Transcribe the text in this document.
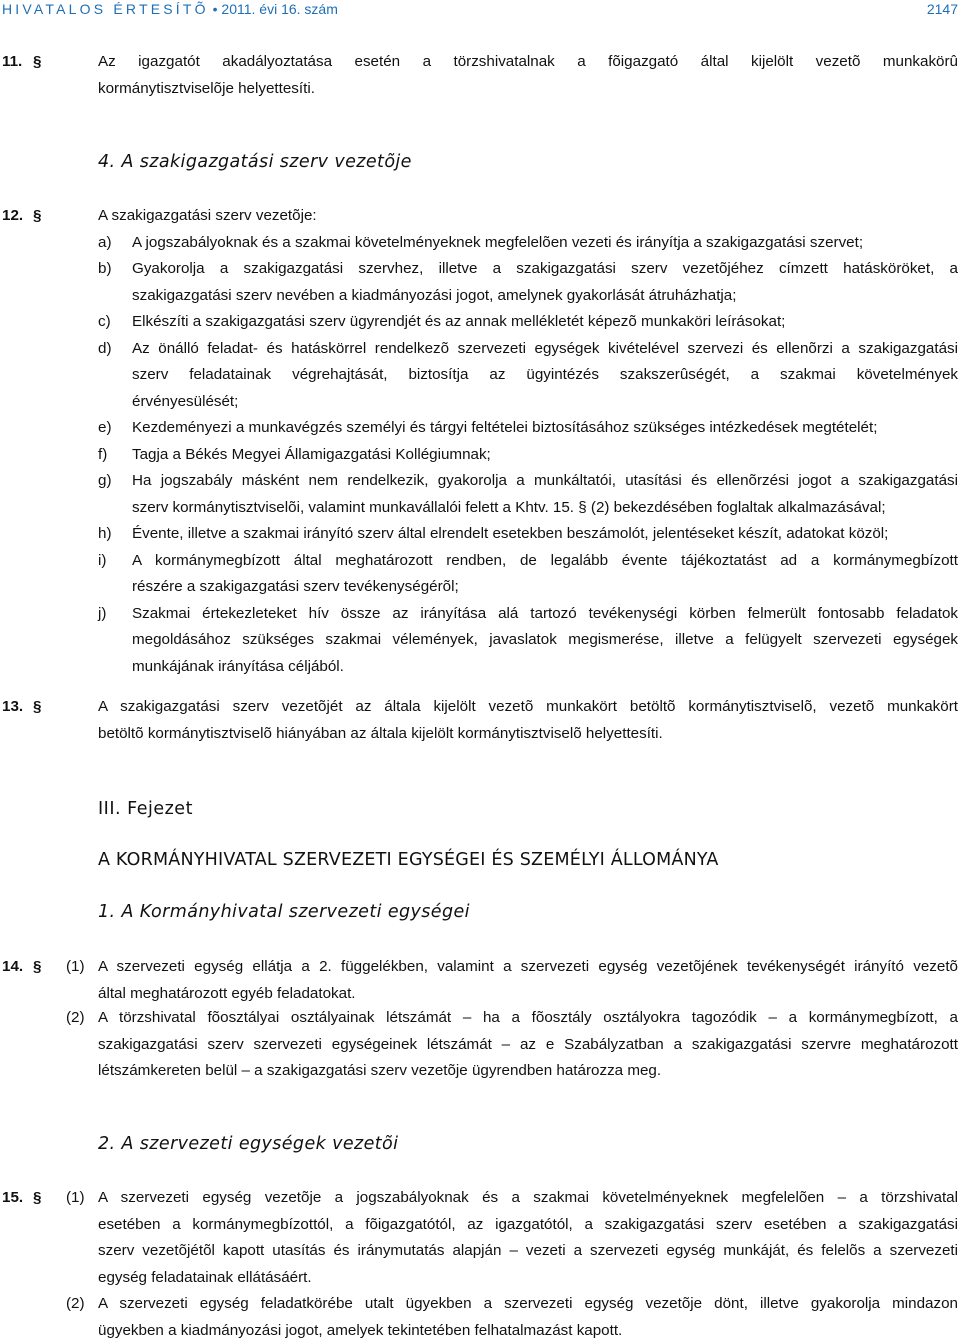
HIVATALOS ÉRTESÍTÕ • 2011. évi 16. szám	2147
11. §	Az igazgatót akadályoztatása esetén a törzshivatalnak a fõigazgató által kijelölt vezetõ munkakörû
kormánytisztviselõje helyettesíti.
4. A szakigazgatási szerv vezetõje
12. §	A szakigazgatási szerv vezetõje:
a)	A jogszabályoknak és a szakmai követelményeknek megfelelõen vezeti és irányítja a szakigazgatási szervet;
b)	Gyakorolja a szakigazgatási szervhez, illetve a szakigazgatási szerv vezetõjéhez címzett hatásköröket, a
szakigazgatási szerv nevében a kiadmányozási jogot, amelynek gyakorlását átruházhatja;
c)	Elkészíti a szakigazgatási szerv ügyrendjét és az annak mellékletét képezõ munkaköri leírásokat;
d)	Az önálló feladat- és hatáskörrel rendelkezõ szervezeti egységek kivételével szervezi és ellenõrzi a szakigazgatási
szerv feladatainak végrehajtását, biztosítja az ügyintézés szakszerûségét, a szakmai követelmények
érvényesülését;
e)	Kezdeményezi a munkavégzés személyi és tárgyi feltételei biztosításához szükséges intézkedések megtételét;
f)	Tagja a Békés Megyei Államigazgatási Kollégiumnak;
g)	Ha jogszabály másként nem rendelkezik, gyakorolja a munkáltatói, utasítási és ellenõrzési jogot a szakigazgatási
szerv kormánytisztviselõi, valamint munkavállalói felett a Khtv. 15. § (2) bekezdésében foglaltak alkalmazásával;
h)	Évente, illetve a szakmai irányító szerv által elrendelt esetekben beszámolót, jelentéseket készít, adatokat közöl;
i)	A kormánymegbízott által meghatározott rendben, de legalább évente tájékoztatást ad a kormánymegbízott
részére a szakigazgatási szerv tevékenységérõl;
j)	Szakmai értekezleteket hív össze az irányítása alá tartozó tevékenységi körben felmerült fontosabb feladatok
megoldásához szükséges szakmai vélemények, javaslatok megismerése, illetve a felügyelt szervezeti egységek
munkájának irányítása céljából.
13. §	A szakigazgatási szerv vezetõjét az általa kijelölt vezetõ munkakört betöltõ kormánytisztviselõ, vezetõ munkakört
betöltõ kormánytisztviselõ hiányában az általa kijelölt kormánytisztviselõ helyettesíti.
III. Fejezet
A KORMÁNYHIVATAL SZERVEZETI EGYSÉGEI ÉS SZEMÉLYI ÁLLOMÁNYA
1. A Kormányhivatal szervezeti egységei
14. § (1) A szervezeti egység ellátja a 2. függelékben, valamint a szervezeti egység vezetõjének tevékenységét irányító vezetõ
által meghatározott egyéb feladatokat.
(2) A törzshivatal fõosztályai osztályainak létszámát – ha a fõosztály osztályokra tagozódik – a kormánymegbízott, a
szakigazgatási szerv szervezeti egységeinek létszámát – az e Szabályzatban a szakigazgatási szervre meghatározott
létszámkereten belül – a szakigazgatási szerv vezetõje ügyrendben határozza meg.
2. A szervezeti egységek vezetõi
15. § (1) A szervezeti egység vezetõje a jogszabályoknak és a szakmai követelményeknek megfelelõen – a törzshivatal
esetében a kormánymegbízottól, a fõigazgatótól, az igazgatótól, a szakigazgatási szerv esetében a szakigazgatási
szerv vezetõjétõl kapott utasítás és iránymutatás alapján – vezeti a szervezeti egység munkáját, és felelõs a szervezeti
egység feladatainak ellátásáért.
(2) A szervezeti egység feladatkörébe utalt ügyekben a szervezeti egység vezetõje dönt, illetve gyakorolja mindazon
ügyekben a kiadmányozási jogot, amelyek tekintetében felhatalmazást kapott.
